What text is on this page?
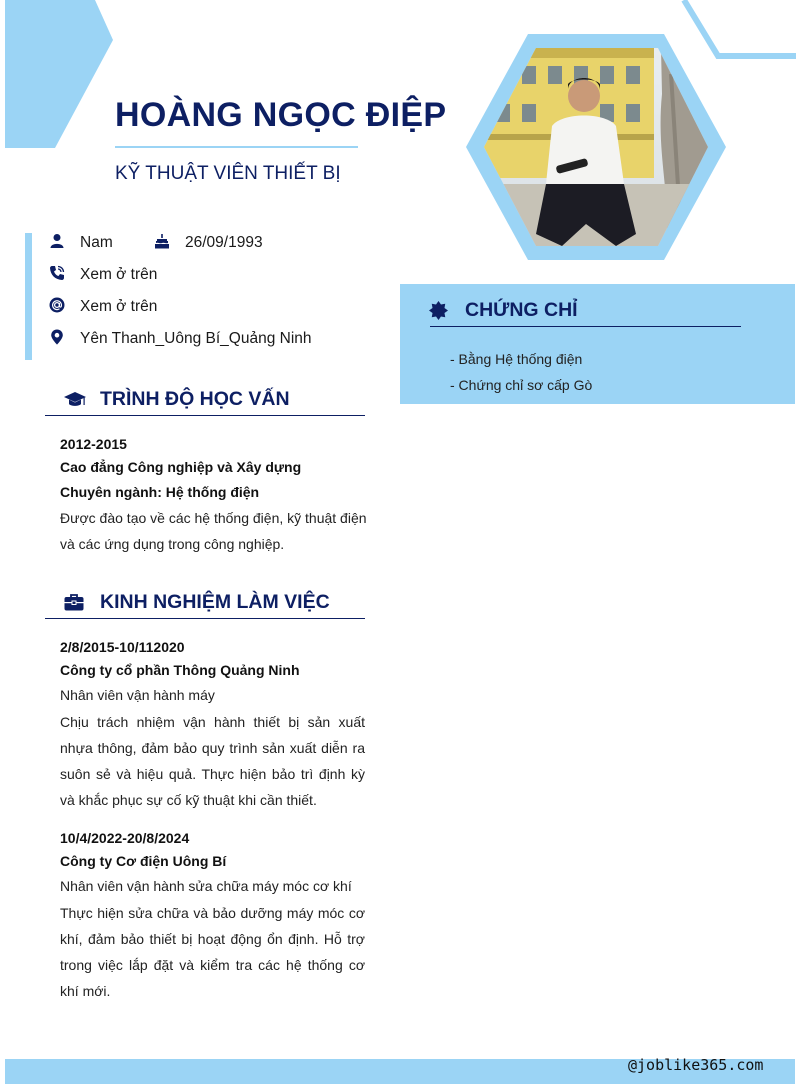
HOÀNG NGỌC ĐIỆP
KỸ THUẬT VIÊN THIẾT BỊ
Nam	26/09/1993
Xem ở trên
Xem ở trên
Yên Thanh_Uông Bí_Quảng Ninh
TRÌNH ĐỘ HỌC VẤN
2012-2015
Cao đẳng Công nghiệp và Xây dựng
Chuyên ngành: Hệ thống điện
Được đào tạo về các hệ thống điện, kỹ thuật điện
và các ứng dụng trong công nghiệp.
KINH NGHIỆM LÀM VIỆC
2/8/2015-10/112020
Công ty cổ phần Thông Quảng Ninh
Nhân viên vận hành máy
Chịu trách nhiệm vận hành thiết bị sản xuất nhựa thông, đảm bảo quy trình sản xuất diễn ra suôn sẻ và hiệu quả. Thực hiện bảo trì định kỳ và khắc phục sự cố kỹ thuật khi cần thiết.
10/4/2022-20/8/2024
Công ty Cơ điện Uông Bí
Nhân viên vận hành sửa chữa máy móc cơ khí
Thực hiện sửa chữa và bảo dưỡng máy móc cơ khí, đảm bảo thiết bị hoạt động ổn định. Hỗ trợ trong việc lắp đặt và kiểm tra các hệ thống cơ khí mới.
CHỨNG CHỈ
- Bằng Hệ thống điện
- Chứng chỉ sơ cấp Gò
@joblike365.com
